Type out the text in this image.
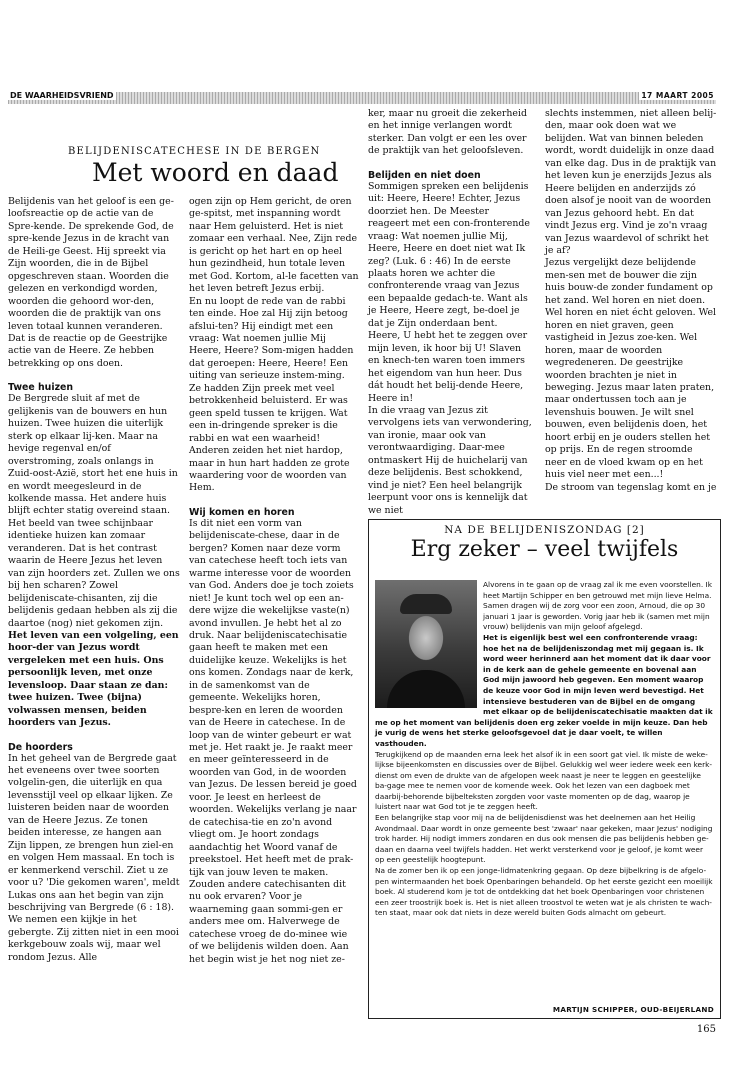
DE WAARHEIDSVRIEND	17 MAART 2005
BELIJDENISCATECHESE IN DE BERGEN
Met woord en daad

Belijdenis van het geloof is een ge-loofsreactie op de actie van de Spre-kende. De sprekende God, de spre-kende Jezus in de kracht van de Heili-ge Geest. Hij spreekt via Zijn woorden, die in de Bijbel opgeschreven staan. Woorden die gelezen en verkondigd worden, woorden die gehoord wor-den, woorden die de praktijk van ons leven totaal kunnen veranderen. Dat is de reactie op de Geestrijke actie van de Heere. Ze hebben betrekking op ons doen.

Twee huizen

De Bergrede sluit af met de gelijkenis van de bouwers en hun huizen. Twee huizen die uiterlijk sterk op elkaar lij-ken. Maar na hevige regenval en/of overstroming, zoals onlangs in Zuid-oost-Azië, stort het ene huis in en wordt meegesleurd in de kolkende massa. Het andere huis blijft echter statig overeind staan. Het beeld van twee schijnbaar identieke huizen kan zomaar veranderen. Dat is het contrast waarin de Heere Jezus het leven van zijn hoorders zet. Zullen we ons bij hen scharen? Zowel belijdeniscate-chisanten, zij die belijdenis gedaan hebben als zij die daartoe (nog) niet gekomen zijn.

Het leven van een volgeling, een hoor-der van Jezus wordt vergeleken met een huis. Ons persoonlijk leven, met onze levensloop. Daar staan ze dan: twee huizen. Twee (bijna) volwassen mensen, beiden hoorders van Jezus.

De hoorders

In het geheel van de Bergrede gaat het eveneens over twee soorten volgelin-gen, die uiterlijk en qua levensstijl veel op elkaar lijken. Ze luisteren beiden naar de woorden van de Heere Jezus. Ze tonen beiden interesse, ze hangen aan Zijn lippen, ze brengen hun ziel-en en volgen Hem massaal. En toch is er kenmerkend verschil. Ziet u ze voor u? 'Die gekomen waren', meldt Lukas ons aan het begin van zijn beschrijving van Bergrede (6 : 18). We nemen een kijkje in het gebergte. Zij zitten niet in een mooi kerkgebouw zoals wij, maar wel rondom Jezus. Alle

ogen zijn op Hem gericht, de oren ge-spitst, met inspanning wordt naar Hem geluisterd. Het is niet zomaar een verhaal. Nee, Zijn rede is gericht op het hart en op heel hun gezindheid, hun totale leven met God. Kortom, al-le facetten van het leven betreft Jezus erbij.

En nu loopt de rede van de rabbi ten einde. Hoe zal Hij zijn betoog afslui-ten? Hij eindigt met een vraag: Wat noemen jullie Mij Heere, Heere? Som-migen hadden dat geroepen: Heere, Heere! Een uiting van serieuze instem-ming. Ze hadden Zijn preek met veel betrokkenheid beluisterd. Er was geen speld tussen te krijgen. Wat een in-dringende spreker is die rabbi en wat een waarheid! Anderen zeiden het niet hardop, maar in hun hart hadden ze grote waardering voor de woorden van Hem.

Wij komen en horen

Is dit niet een vorm van belijdeniscate-chese, daar in de bergen? Komen naar deze vorm van catechese heeft toch iets van warme interesse voor de woorden van God. Anders doe je toch zoiets niet! Je kunt toch wel op een an-dere wijze die wekelijkse vaste(n) avond invullen. Je hebt het al zo druk. Naar belijdeniscatechisatie gaan heeft te maken met een duidelijke keuze. Wekelijks is het ons komen. Zondags naar de kerk, in de samenkomst van de gemeente. Wekelijks horen, bespre-ken en leren de woorden van de Heere in catechese. In de loop van de winter gebeurt er wat met je. Het raakt je. Je raakt meer en meer geïnteresseerd in de woorden van God, in de woorden van Jezus. De lessen bereid je goed voor. Je leest en herleest de woorden. Wekelijks verlang je naar de catechisa-tie en zo'n avond vliegt om. Je hoort zondags aandachtig het Woord vanaf de preekstoel. Het heeft met de prak-tijk van jouw leven te maken. Zouden andere catechisanten dit nu ook ervaren? Voor je waarneming gaan sommi-gen er anders mee om. Halverwege de catechese vroeg de do-minee wie of we belijdenis wilden doen. Aan het begin wist je het nog niet ze-

ker, maar nu groeit die zekerheid en het innige verlangen wordt sterker. Dan volgt er een les over de praktijk van het geloofsleven.

Belijden en niet doen

Sommigen spreken een belijdenis uit: Heere, Heere! Echter, Jezus doorziet hen. De Meester reageert met een con-fronterende vraag: Wat noemen jullie Mij, Heere, Heere en doet niet wat Ik zeg? (Luk. 6 : 46) In de eerste plaats horen we achter die confronterende vraag van Jezus een bepaalde gedach-te. Want als je Heere, Heere zegt, be-doel je dat je Zijn onderdaan bent. Heere, U hebt het te zeggen over mijn leven, ik hoor bij U! Slaven en knech-ten waren toen immers het eigendom van hun heer. Dus dát houdt het belij-dende Heere, Heere in!

In die vraag van Jezus zit vervolgens iets van verwondering, van ironie, maar ook van verontwaardiging. Daar-mee ontmaskert Hij de huichelarij van deze belijdenis. Best schokkend, vind je niet? Een heel belangrijk leerpunt voor ons is kennelijk dat we niet

slechts instemmen, niet alleen belij-den, maar ook doen wat we belijden. Wat van binnen beleden wordt, wordt duidelijk in onze daad van elke dag. Dus in de praktijk van het leven kun je enerzijds Jezus als Heere belijden en anderzijds zó doen alsof je nooit van de woorden van Jezus gehoord hebt. En dat vindt Jezus erg. Vind je zo'n vraag van Jezus waardevol of schrikt het je af?

Jezus vergelijkt deze belijdende men-sen met de bouwer die zijn huis bouw-de zonder fundament op het zand. Wel horen en niet doen. Wel horen en niet écht geloven. Wel horen en niet graven, geen vastigheid in Jezus zoe-ken. Wel horen, maar de woorden wegredeneren. De geestrijke woorden brachten je niet in beweging. Jezus maar laten praten, maar ondertussen toch aan je levenshuis bouwen. Je wilt snel bouwen, even belijdenis doen, het hoort erbij en je ouders stellen het op prijs. En de regen stroomde neer en de vloed kwam op en het huis viel neer met een...!

De stroom van tegenslag komt en je

NA DE BELIJDENISZONDAG [2]
Erg zeker – veel twijfels

Alvorens in te gaan op de vraag zal ik me even voorstellen. Ik heet Martijn Schipper en ben getrouwd met mijn lieve Helma. Samen dragen wij de zorg voor een zoon, Arnoud, die op 30 januari 1 jaar is geworden. Vorig jaar heb ik (samen met mijn vrouw) belijdenis van mijn geloof afgelegd.

Het is eigenlijk best wel een confronterende vraag: hoe het na de belijdeniszondag met mij gegaan is. Ik word weer herinnerd aan het moment dat ik daar voor in de kerk aan de gehele gemeente en bovenal aan God mijn jawoord heb gegeven. Een moment waarop de keuze voor God in mijn leven werd bevestigd. Het intensieve bestuderen van de Bijbel en de omgang met elkaar op de belijdeniscatechisatie maakten dat ik me op het moment van belijdenis doen erg zeker voelde in mijn keuze. Dan heb je vurig de wens het sterke geloofsgevoel dat je daar voelt, te willen vasthouden.

Terugkijkend op de maanden erna leek het alsof ik in een soort gat viel. Ik miste de weke-lijkse bijeenkomsten en discussies over de Bijbel. Gelukkig wel weer iedere week een kerk-dienst om even de drukte van de afgelopen week naast je neer te leggen en geestelijke ba-gage mee te nemen voor de komende week. Ook het lezen van een dagboek met daarbij-behorende bijbelteksten zorgden voor vaste momenten op de dag, waarop je luistert naar wat God tot je te zeggen heeft.

Een belangrijke stap voor mij na de belijdenisdienst was het deelnemen aan het Heilig Avondmaal. Daar wordt in onze gemeente best 'zwaar' naar gekeken, maar Jezus' nodiging trok harder. Hij nodigt immers zondaren en dus ook mensen die pas belijdenis hebben ge-daan en daarna veel twijfels hadden. Het werkt versterkend voor je geloof, je komt weer op een geestelijk hoogtepunt.

Na de zomer ben ik op een jonge-lidmatenkring gegaan. Op deze bijbelkring is de afgelo-pen wintermaanden het boek Openbaringen behandeld. Op het eerste gezicht een moeilijk boek. Al studerend kom je tot de ontdekking dat het boek Openbaringen voor christenen een zeer troostrijk boek is. Het is niet alleen troostvol te weten wat je als christen te wach-ten staat, maar ook dat niets in deze wereld buiten Gods almacht om gebeurt.

MARTIJN SCHIPPER, OUD-BEIJERLAND
165
